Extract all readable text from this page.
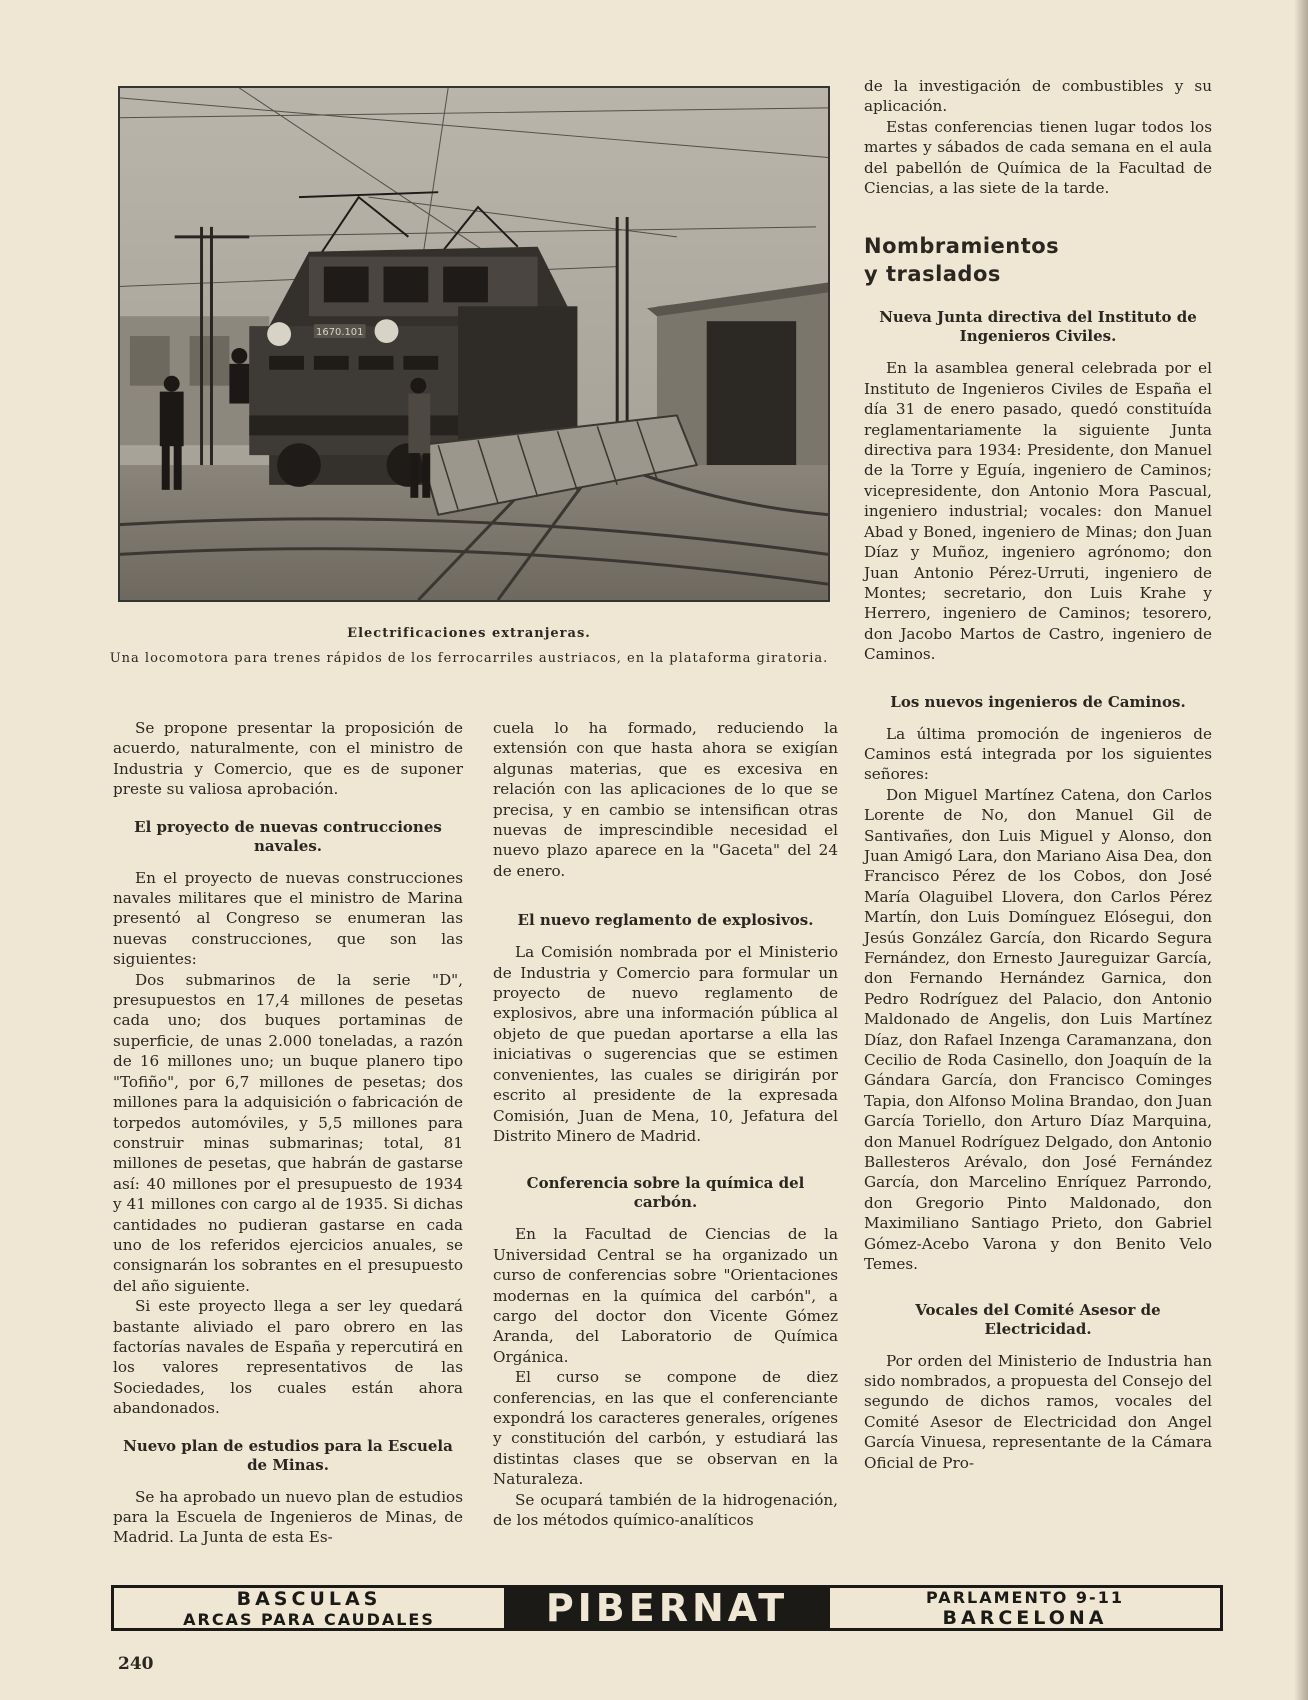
1670.101
Electrificaciones extranjeras.
Una locomotora para trenes rápidos de los ferrocarriles austriacos, en la plataforma giratoria.

Se propone presentar la proposición de acuerdo, naturalmente, con el ministro de Industria y Comercio, que es de suponer preste su valiosa aprobación.

El proyecto de nuevas contrucciones navales.

En el proyecto de nuevas construcciones navales militares que el ministro de Marina presentó al Congreso se enumeran las nuevas construcciones, que son las siguientes:

Dos submarinos de la serie "D", presupuestos en 17,4 millones de pesetas cada uno; dos buques portaminas de superficie, de unas 2.000 toneladas, a razón de 16 millones uno; un buque planero tipo "Tofiño", por 6,7 millones de pesetas; dos millones para la adquisición o fabricación de torpedos automóviles, y 5,5 millones para construir minas submarinas; total, 81 millones de pesetas, que habrán de gastarse así: 40 millones por el presupuesto de 1934 y 41 millones con cargo al de 1935. Si dichas cantidades no pudieran gastarse en cada uno de los referidos ejercicios anuales, se consignarán los sobrantes en el presupuesto del año siguiente.

Si este proyecto llega a ser ley quedará bastante aliviado el paro obrero en las factorías navales de España y repercutirá en los valores representativos de las Sociedades, los cuales están ahora abandonados.

Nuevo plan de estudios para la Escuela de Minas.

Se ha aprobado un nuevo plan de estudios para la Escuela de Ingenieros de Minas, de Madrid. La Junta de esta Es-

cuela lo ha formado, reduciendo la extensión con que hasta ahora se exigían algunas materias, que es excesiva en relación con las aplicaciones de lo que se precisa, y en cambio se intensifican otras nuevas de imprescindible necesidad el nuevo plazo aparece en la "Gaceta" del 24 de enero.

El nuevo reglamento de explosivos.

La Comisión nombrada por el Ministerio de Industria y Comercio para formular un proyecto de nuevo reglamento de explosivos, abre una información pública al objeto de que puedan aportarse a ella las iniciativas o sugerencias que se estimen convenientes, las cuales se dirigirán por escrito al presidente de la expresada Comisión, Juan de Mena, 10, Jefatura del Distrito Minero de Madrid.

Conferencia sobre la química del carbón.

En la Facultad de Ciencias de la Universidad Central se ha organizado un curso de conferencias sobre "Orientaciones modernas en la química del carbón", a cargo del doctor don Vicente Gómez Aranda, del Laboratorio de Química Orgánica.

El curso se compone de diez conferencias, en las que el conferenciante expondrá los caracteres generales, orígenes y constitución del carbón, y estudiará las distintas clases que se observan en la Naturaleza.

Se ocupará también de la hidrogenación, de los métodos químico-analíticos

de la investigación de combustibles y su aplicación.

Estas conferencias tienen lugar todos los martes y sábados de cada semana en el aula del pabellón de Química de la Facultad de Ciencias, a las siete de la tarde.

Nombramientos y traslados
Nueva Junta directiva del Instituto de Ingenieros Civiles.

En la asamblea general celebrada por el Instituto de Ingenieros Civiles de España el día 31 de enero pasado, quedó constituída reglamentariamente la siguiente Junta directiva para 1934: Presidente, don Manuel de la Torre y Eguía, ingeniero de Caminos; vicepresidente, don Antonio Mora Pascual, ingeniero industrial; vocales: don Manuel Abad y Boned, ingeniero de Minas; don Juan Díaz y Muñoz, ingeniero agrónomo; don Juan Antonio Pérez-Urruti, ingeniero de Montes; secretario, don Luis Krahe y Herrero, ingeniero de Caminos; tesorero, don Jacobo Martos de Castro, ingeniero de Caminos.

Los nuevos ingenieros de Caminos.

La última promoción de ingenieros de Caminos está integrada por los siguientes señores:

Don Miguel Martínez Catena, don Carlos Lorente de No, don Manuel Gil de Santivañes, don Luis Miguel y Alonso, don Juan Amigó Lara, don Mariano Aisa Dea, don Francisco Pérez de los Cobos, don José María Olaguibel Llovera, don Carlos Pérez Martín, don Luis Domínguez Elósegui, don Jesús González García, don Ricardo Segura Fernández, don Ernesto Jaureguizar García, don Fernando Hernández Garnica, don Pedro Rodríguez del Palacio, don Antonio Maldonado de Angelis, don Luis Martínez Díaz, don Rafael Inzenga Caramanzana, don Cecilio de Roda Casinello, don Joaquín de la Gándara García, don Francisco Cominges Tapia, don Alfonso Molina Brandao, don Juan García Toriello, don Arturo Díaz Marquina, don Manuel Rodríguez Delgado, don Antonio Ballesteros Arévalo, don José Fernández García, don Marcelino Enríquez Parrondo, don Gregorio Pinto Maldonado, don Maximiliano Santiago Prieto, don Gabriel Gómez-Acebo Varona y don Benito Velo Temes.

Vocales del Comité Asesor de Electricidad.

Por orden del Ministerio de Industria han sido nombrados, a propuesta del Consejo del segundo de dichos ramos, vocales del Comité Asesor de Electricidad don Angel García Vinuesa, representante de la Cámara Oficial de Pro-

BASCULAS
ARCAS PARA CAUDALES	PIBERNAT	PARLAMENTO 9-11
BARCELONA
240
